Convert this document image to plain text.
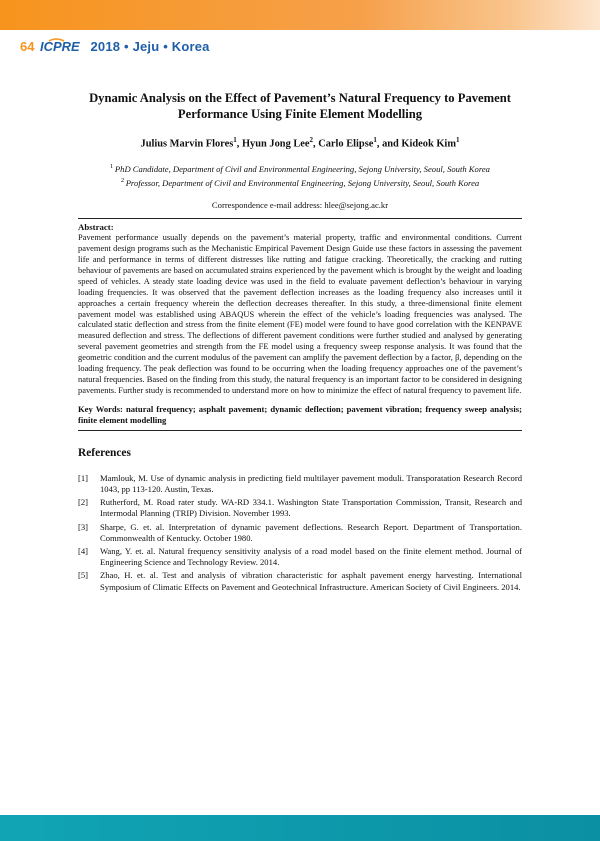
64 ICPRE 2018 • Jeju • Korea
Dynamic Analysis on the Effect of Pavement’s Natural Frequency to Pavement Performance Using Finite Element Modelling
Julius Marvin Flores$^1$, Hyun Jong Lee$^2$, Carlo Elipse$^1$, and Kideok Kim$^1$
$^1$ PhD Candidate, Department of Civil and Environmental Engineering, Sejong University, Seoul, South Korea
$^2$ Professor, Department of Civil and Environmental Engineering, Sejong University, Seoul, South Korea
Correspondence e-mail address: hlee@sejong.ac.kr
Abstract:

Pavement performance usually depends on the pavement’s material property, traffic and environmental conditions. Current pavement design programs such as the Mechanistic Empirical Pavement Design Guide use these factors in assessing the pavement life and performance in terms of different distresses like rutting and fatigue cracking. Theoretically, the cracking and rutting behaviour of pavements are based on accumulated strains experienced by the pavement which is brought by the weight and loading speed of vehicles. A steady state loading device was used in the field to evaluate pavement deflection’s behaviour in varying loading frequencies. It was observed that the pavement deflection increases as the loading frequency also increases until it approaches a certain frequency wherein the deflection decreases thereafter. In this study, a three-dimensional finite element pavement model was established using ABAQUS wherein the effect of the vehicle’s loading frequencies was analysed. The calculated static deflection and stress from the finite element (FE) model were found to have good correlation with the KENPAVE measured deflection and stress. The deflections of different pavement conditions were further studied and analysed by generating several pavement geometries and strength from the FE model using a frequency sweep response analysis. It was found that the geometric condition and the current modulus of the pavement can amplify the pavement deflection by a factor, β, depending on the loading frequency. The peak deflection was found to be occurring when the loading frequency approaches one of the pavement’s natural frequencies. Based on the finding from this study, the natural frequency is an important factor to be considered in designing pavements. Further study is recommended to understand more on how to minimize the effect of natural frequency to pavement life.

Key Words: natural frequency; asphalt pavement; dynamic deflection; pavement vibration; frequency sweep analysis; finite element modelling
References
[1]	Mamlouk, M. Use of dynamic analysis in predicting field multilayer pavement moduli. Transporatation Research Record 1043, pp 113-120. Austin, Texas.
[2]	Rutherford, M. Road rater study. WA-RD 334.1. Washington State Transportation Commission, Transit, Research and Intermodal Planning (TRIP) Division. November 1993.
[3]	Sharpe, G. et. al. Interpretation of dynamic pavement deflections. Research Report. Department of Transportation. Commonwealth of Kentucky. October 1980.
[4]	Wang, Y. et. al. Natural frequency sensitivity analysis of a road model based on the finite element method. Journal of Engineering Science and Technology Review. 2014.
[5]	Zhao, H. et. al. Test and analysis of vibration characteristic for asphalt pavement energy harvesting. International Symposium of Climatic Effects on Pavement and Geotechnical Infrastructure. American Society of Civil Engineers. 2014.
